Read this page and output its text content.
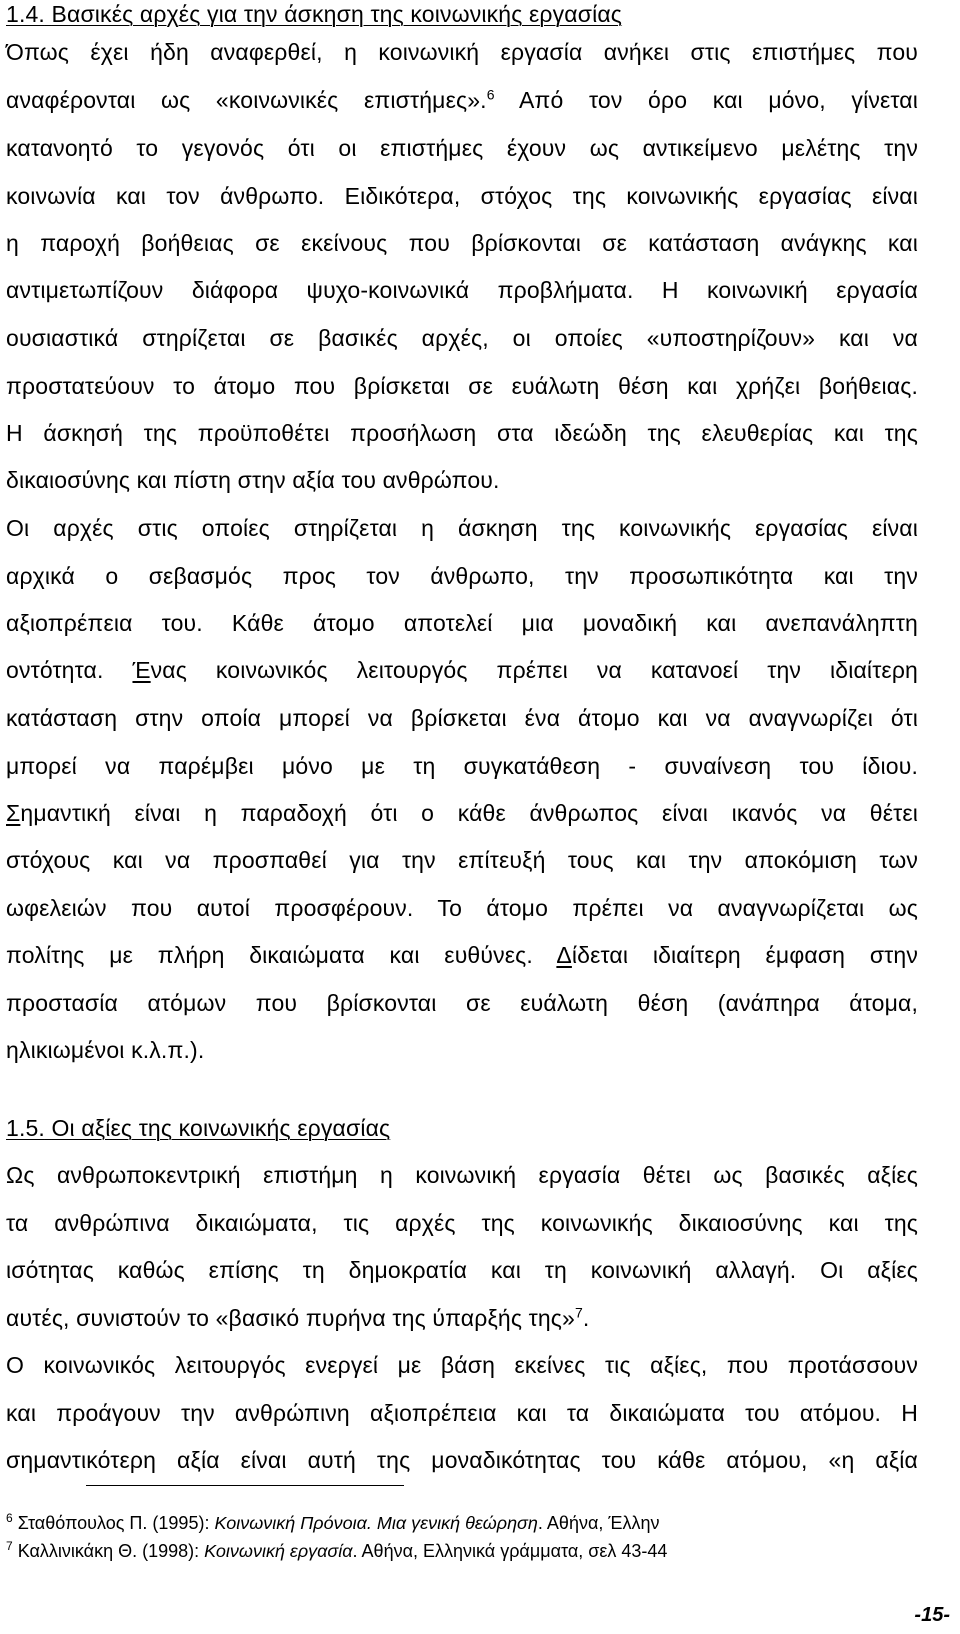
1.4. Βασικές αρχές για την άσκηση της κοινωνικής εργασίας
Όπως έχει ήδη αναφερθεί, η κοινωνική εργασία ανήκει στις επιστήμες που
αναφέρονται ως «κοινωνικές επιστήμες».$^6$ Από τον όρο και μόνο, γίνεται
κατανοητό το γεγονός ότι οι επιστήμες έχουν ως αντικείμενο μελέτης την
κοινωνία και τον άνθρωπο. Ειδικότερα, στόχος της κοινωνικής εργασίας είναι
η παροχή βοήθειας σε εκείνους που βρίσκονται σε κατάσταση ανάγκης και
αντιμετωπίζουν διάφορα ψυχο-κοινωνικά προβλήματα. Η κοινωνική εργασία
ουσιαστικά στηρίζεται σε βασικές αρχές, οι οποίες «υποστηρίζουν» και να
προστατεύουν το άτομο που βρίσκεται σε ευάλωτη θέση και χρήζει βοήθειας.
Η άσκησή της προϋποθέτει προσήλωση στα ιδεώδη της ελευθερίας και της
δικαιοσύνης και πίστη στην αξία του ανθρώπου.
Οι αρχές στις οποίες στηρίζεται η άσκηση της κοινωνικής εργασίας είναι
αρχικά ο σεβασμός προς τον άνθρωπο, την προσωπικότητα και την
αξιοπρέπεια του. Κάθε άτομο αποτελεί μια μοναδική και ανεπανάληπτη
οντότητα. Ένας κοινωνικός λειτουργός πρέπει να κατανοεί την ιδιαίτερη
κατάσταση στην οποία μπορεί να βρίσκεται ένα άτομο και να αναγνωρίζει ότι
μπορεί να παρέμβει μόνο με τη συγκατάθεση - συναίνεση του ίδιου.
Σημαντική είναι η παραδοχή ότι ο κάθε άνθρωπος είναι ικανός να θέτει
στόχους και να προσπαθεί για την επίτευξή τους και την αποκόμιση των
ωφελειών που αυτοί προσφέρουν. Το άτομο πρέπει να αναγνωρίζεται ως
πολίτης με πλήρη δικαιώματα και ευθύνες. Δίδεται ιδιαίτερη έμφαση στην
προστασία ατόμων που βρίσκονται σε ευάλωτη θέση (ανάπηρα άτομα,
ηλικιωμένοι κ.λ.π.).
1.5. Οι αξίες της κοινωνικής εργασίας
Ως ανθρωποκεντρική επιστήμη η κοινωνική εργασία θέτει ως βασικές αξίες
τα ανθρώπινα δικαιώματα, τις αρχές της κοινωνικής δικαιοσύνης και της
ισότητας καθώς επίσης τη δημοκρατία και τη κοινωνική αλλαγή. Οι αξίες
αυτές, συνιστούν το «βασικό πυρήνα της ύπαρξής της»$^7$.
Ο κοινωνικός λειτουργός ενεργεί με βάση εκείνες τις αξίες, που προτάσσουν
και προάγουν την ανθρώπινη αξιοπρέπεια και τα δικαιώματα του ατόμου. Η
σημαντικότερη αξία είναι αυτή της μοναδικότητας του κάθε ατόμου, «η αξία
$^6$ Σταθόπουλος Π. (1995): Κοινωνική Πρόνοια. Μια γενική θεώρηση. Αθήνα, Έλλην
$^7$ Καλλινικάκη Θ. (1998): Κοινωνική εργασία. Αθήνα, Ελληνικά γράμματα, σελ 43-44
-15-
